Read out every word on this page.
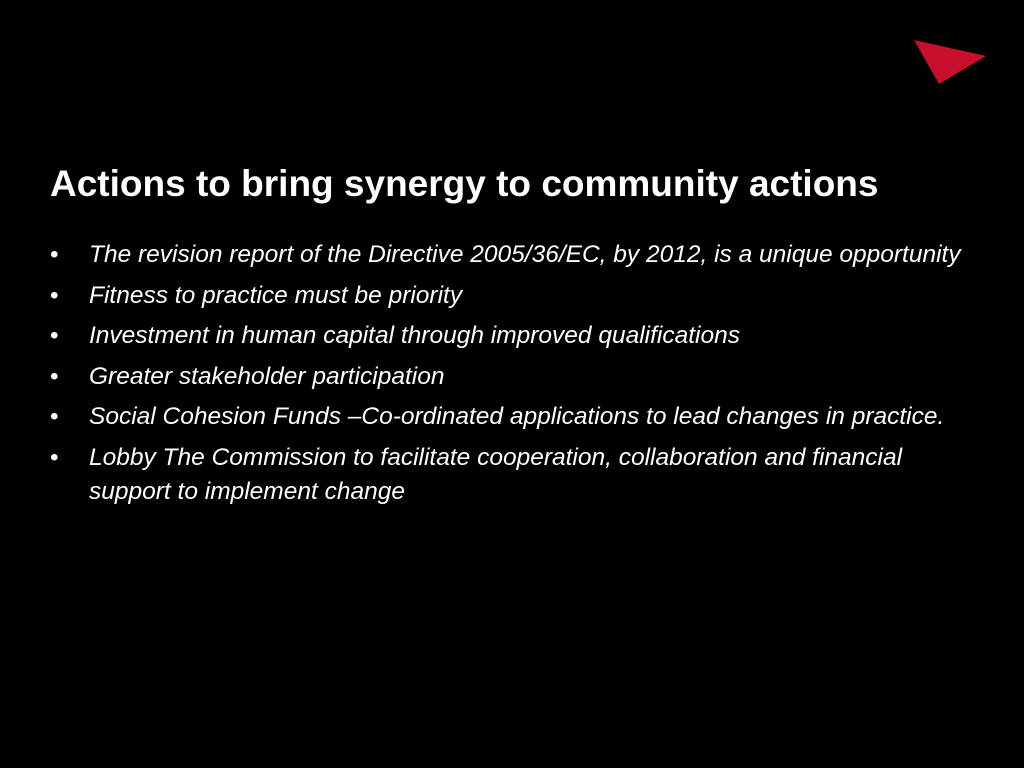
Actions to bring synergy to community actions
• The revision report of the Directive 2005/36/EC, by 2012, is a unique opportunity
• Fitness to practice must be priority
• Investment in human capital through improved qualifications
• Greater stakeholder participation
• Social Cohesion Funds –Co-ordinated applications to lead changes in practice.
• Lobby The Commission to facilitate cooperation, collaboration and financial support to implement change
